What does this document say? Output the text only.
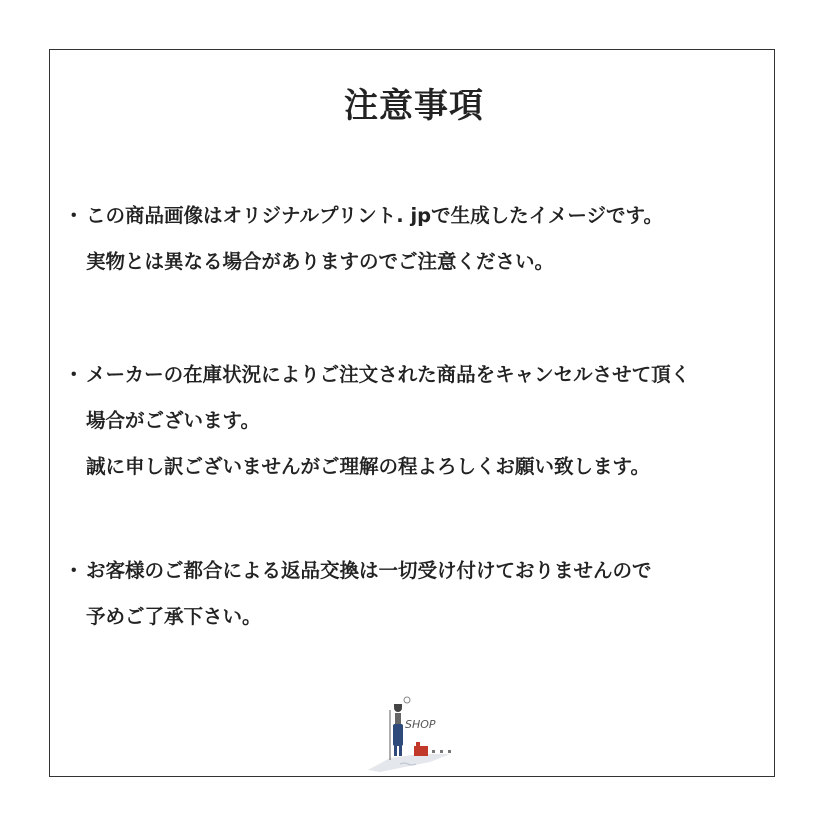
注意事項
・ この商品画像はオリジナルプリント. jpで生成したイメージです。
実物とは異なる場合がありますのでご注意ください。
・ メーカーの在庫状況によりご注文された商品をキャンセルさせて頂く
場合がございます。
誠に申し訳ございませんがご理解の程よろしくお願い致します。
・ お客様のご都合による返品交換は一切受け付けておりませんので
予めご了承下さい。
SHOP
